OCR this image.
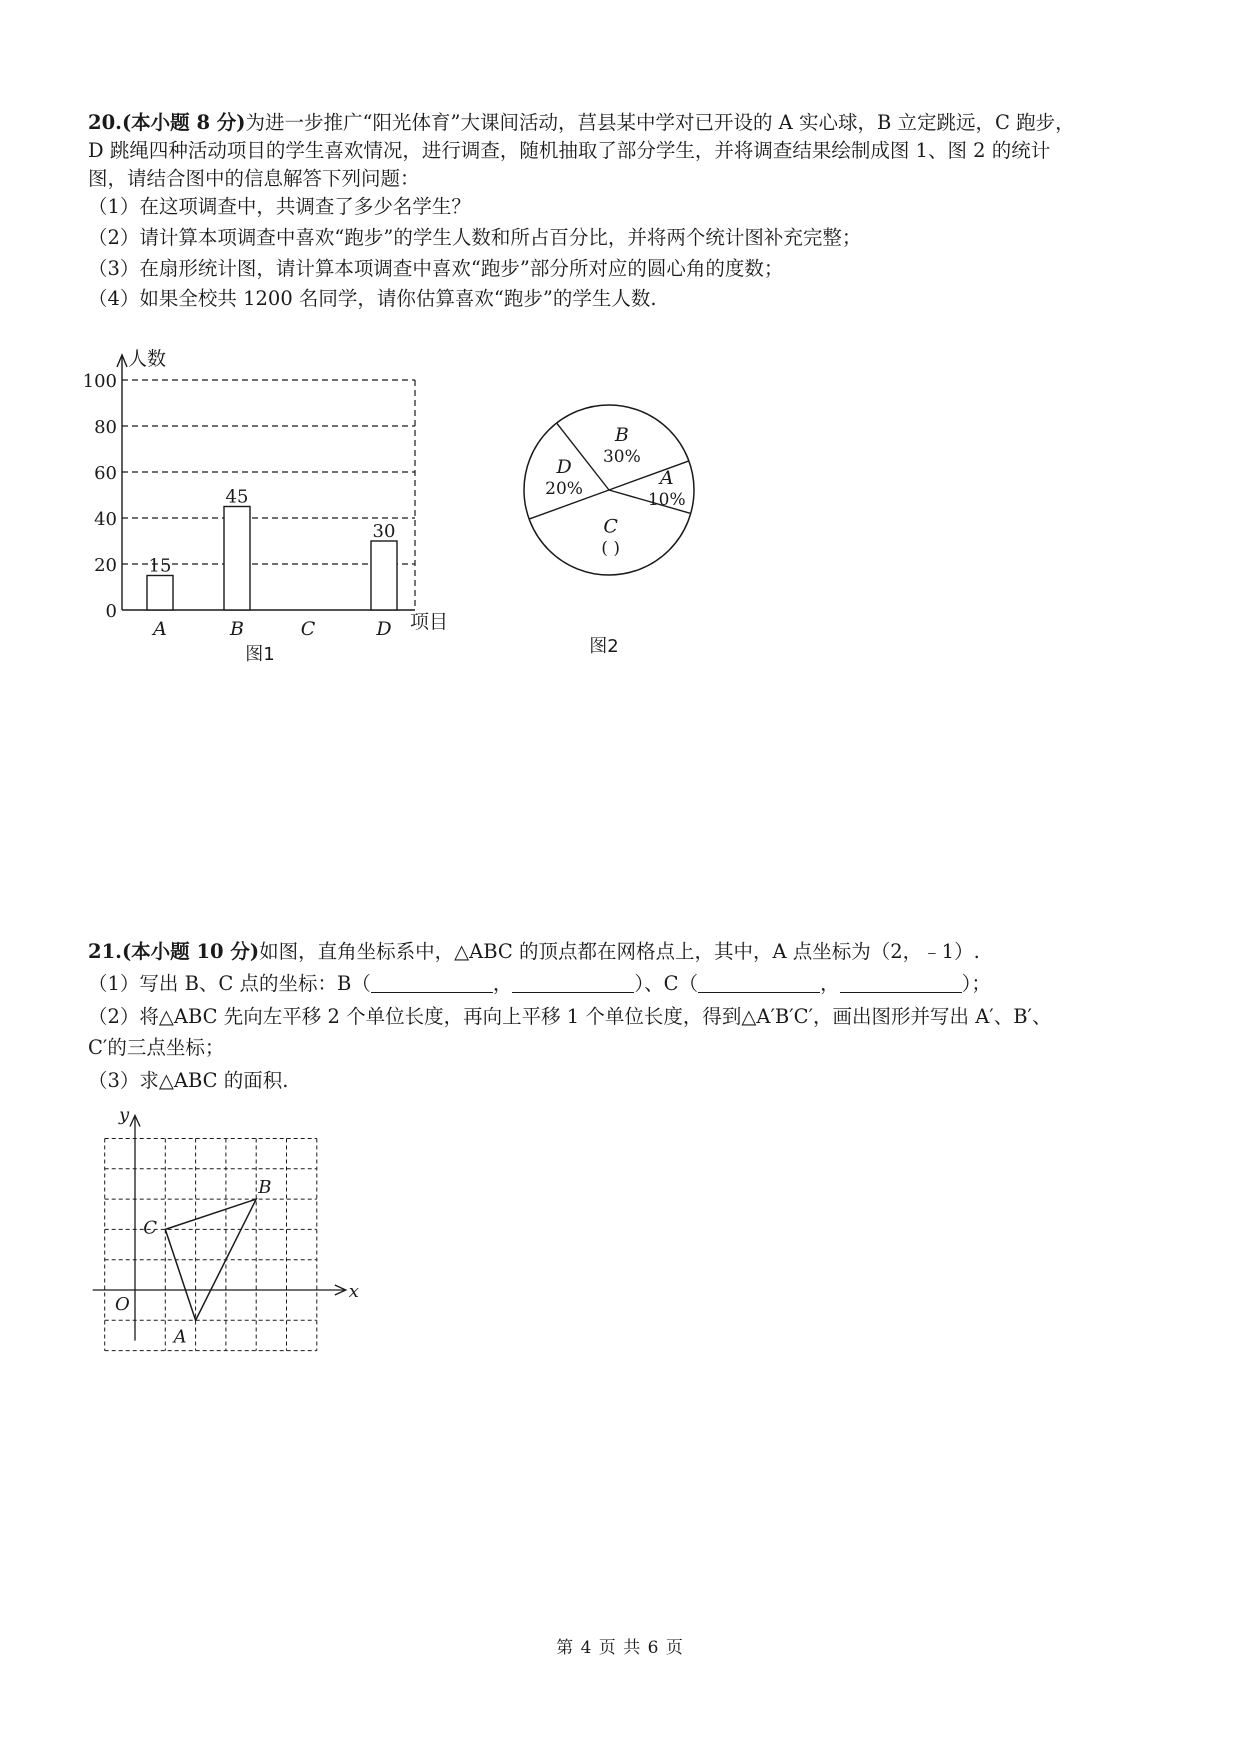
20.(本小题 8 分)为进一步推广“阳光体育”大课间活动，莒县某中学对已开设的 A 实心球，B 立定跳远，C 跑步，
D 跳绳四种活动项目的学生喜欢情况，进行调查，随机抽取了部分学生，并将调查结果绘制成图 1、图 2 的统计
图，请结合图中的信息解答下列问题：
（1）在这项调查中，共调查了多少名学生？
（2）请计算本项调查中喜欢“跑步”的学生人数和所占百分比，并将两个统计图补充完整；
（3）在扇形统计图，请计算本项调查中喜欢“跑步”部分所对应的圆心角的度数；
（4）如果全校共 1200 名同学，请你估算喜欢“跑步”的学生人数.
0
20
40
60
80
100
人数
项目
15
A
45
B	C
30
D
图1
B
30%
A
10%
C
( )
D
20%
图2
21.(本小题 10 分)如图，直角坐标系中，△ABC 的顶点都在网格点上，其中，A 点坐标为（2，﹣1）.
（1）写出 B、C 点的坐标：B（	，	）、C（	，	）；
（2）将△ABC 先向左平移 2 个单位长度，再向上平移 1 个单位长度，得到△A′B′C′，画出图形并写出 A′、B′、
C′的三点坐标；
（3）求△ABC 的面积.
x
y
O
A
B
C
第 4 页 共 6 页
